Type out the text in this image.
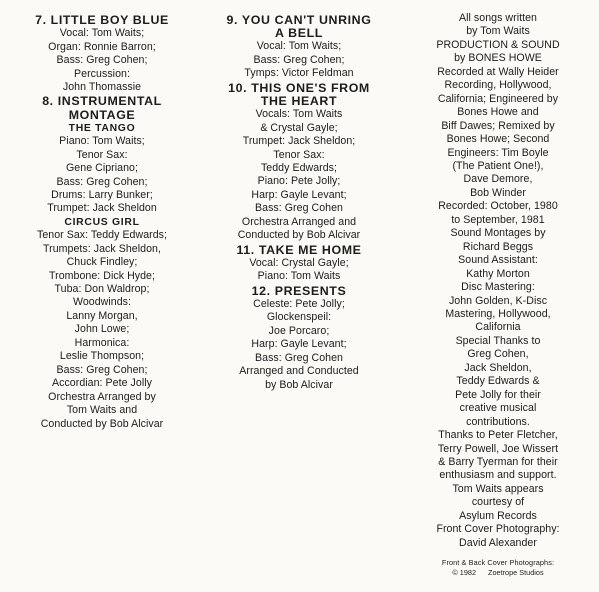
7. LITTLE BOY BLUE
Vocal: Tom Waits;
Organ: Ronnie Barron;
Bass: Greg Cohen;
Percussion:
John Thomassie
8. INSTRUMENTAL
MONTAGE
THE TANGO
Piano: Tom Waits;
Tenor Sax:
Gene Cipriano;
Bass: Greg Cohen;
Drums: Larry Bunker;
Trumpet: Jack Sheldon
CIRCUS GIRL
Tenor Sax: Teddy Edwards;
Trumpets: Jack Sheldon,
Chuck Findley;
Trombone: Dick Hyde;
Tuba: Don Waldrop;
Woodwinds:
Lanny Morgan,
John Lowe;
Harmonica:
Leslie Thompson;
Bass: Greg Cohen;
Accordian: Pete Jolly
Orchestra Arranged by
Tom Waits and
Conducted by Bob Alcivar
9. YOU CAN'T UNRING
A BELL
Vocal: Tom Waits;
Bass: Greg Cohen;
Tymps: Victor Feldman
10. THIS ONE'S FROM
THE HEART
Vocals: Tom Waits
& Crystal Gayle;
Trumpet: Jack Sheldon;
Tenor Sax:
Teddy Edwards;
Piano: Pete Jolly;
Harp: Gayle Levant;
Bass: Greg Cohen
Orchestra Arranged and
Conducted by Bob Alcivar
11. TAKE ME HOME
Vocal: Crystal Gayle;
Piano: Tom Waits
12. PRESENTS
Celeste: Pete Jolly;
Glockenspeil:
Joe Porcaro;
Harp: Gayle Levant;
Bass: Greg Cohen
Arranged and Conducted
by Bob Alcivar
All songs written
by Tom Waits
PRODUCTION & SOUND
by BONES HOWE
Recorded at Wally Heider
Recording, Hollywood,
California; Engineered by
Bones Howe and
Biff Dawes; Remixed by
Bones Howe; Second
Engineers: Tim Boyle
(The Patient One!),
Dave Demore,
Bob Winder
Recorded: October, 1980
to September, 1981
Sound Montages by
Richard Beggs
Sound Assistant:
Kathy Morton
Disc Mastering:
John Golden, K-Disc
Mastering, Hollywood,
California
Special Thanks to
Greg Cohen,
Jack Sheldon,
Teddy Edwards &
Pete Jolly for their
creative musical
contributions.
Thanks to Peter Fletcher,
Terry Powell, Joe Wissert
& Barry Tyerman for their
enthusiasm and support.
Tom Waits appears
courtesy of
Asylum Records
Front Cover Photography:
David Alexander
Front & Back Cover Photographs:
© 1982 Zoetrope Studios
